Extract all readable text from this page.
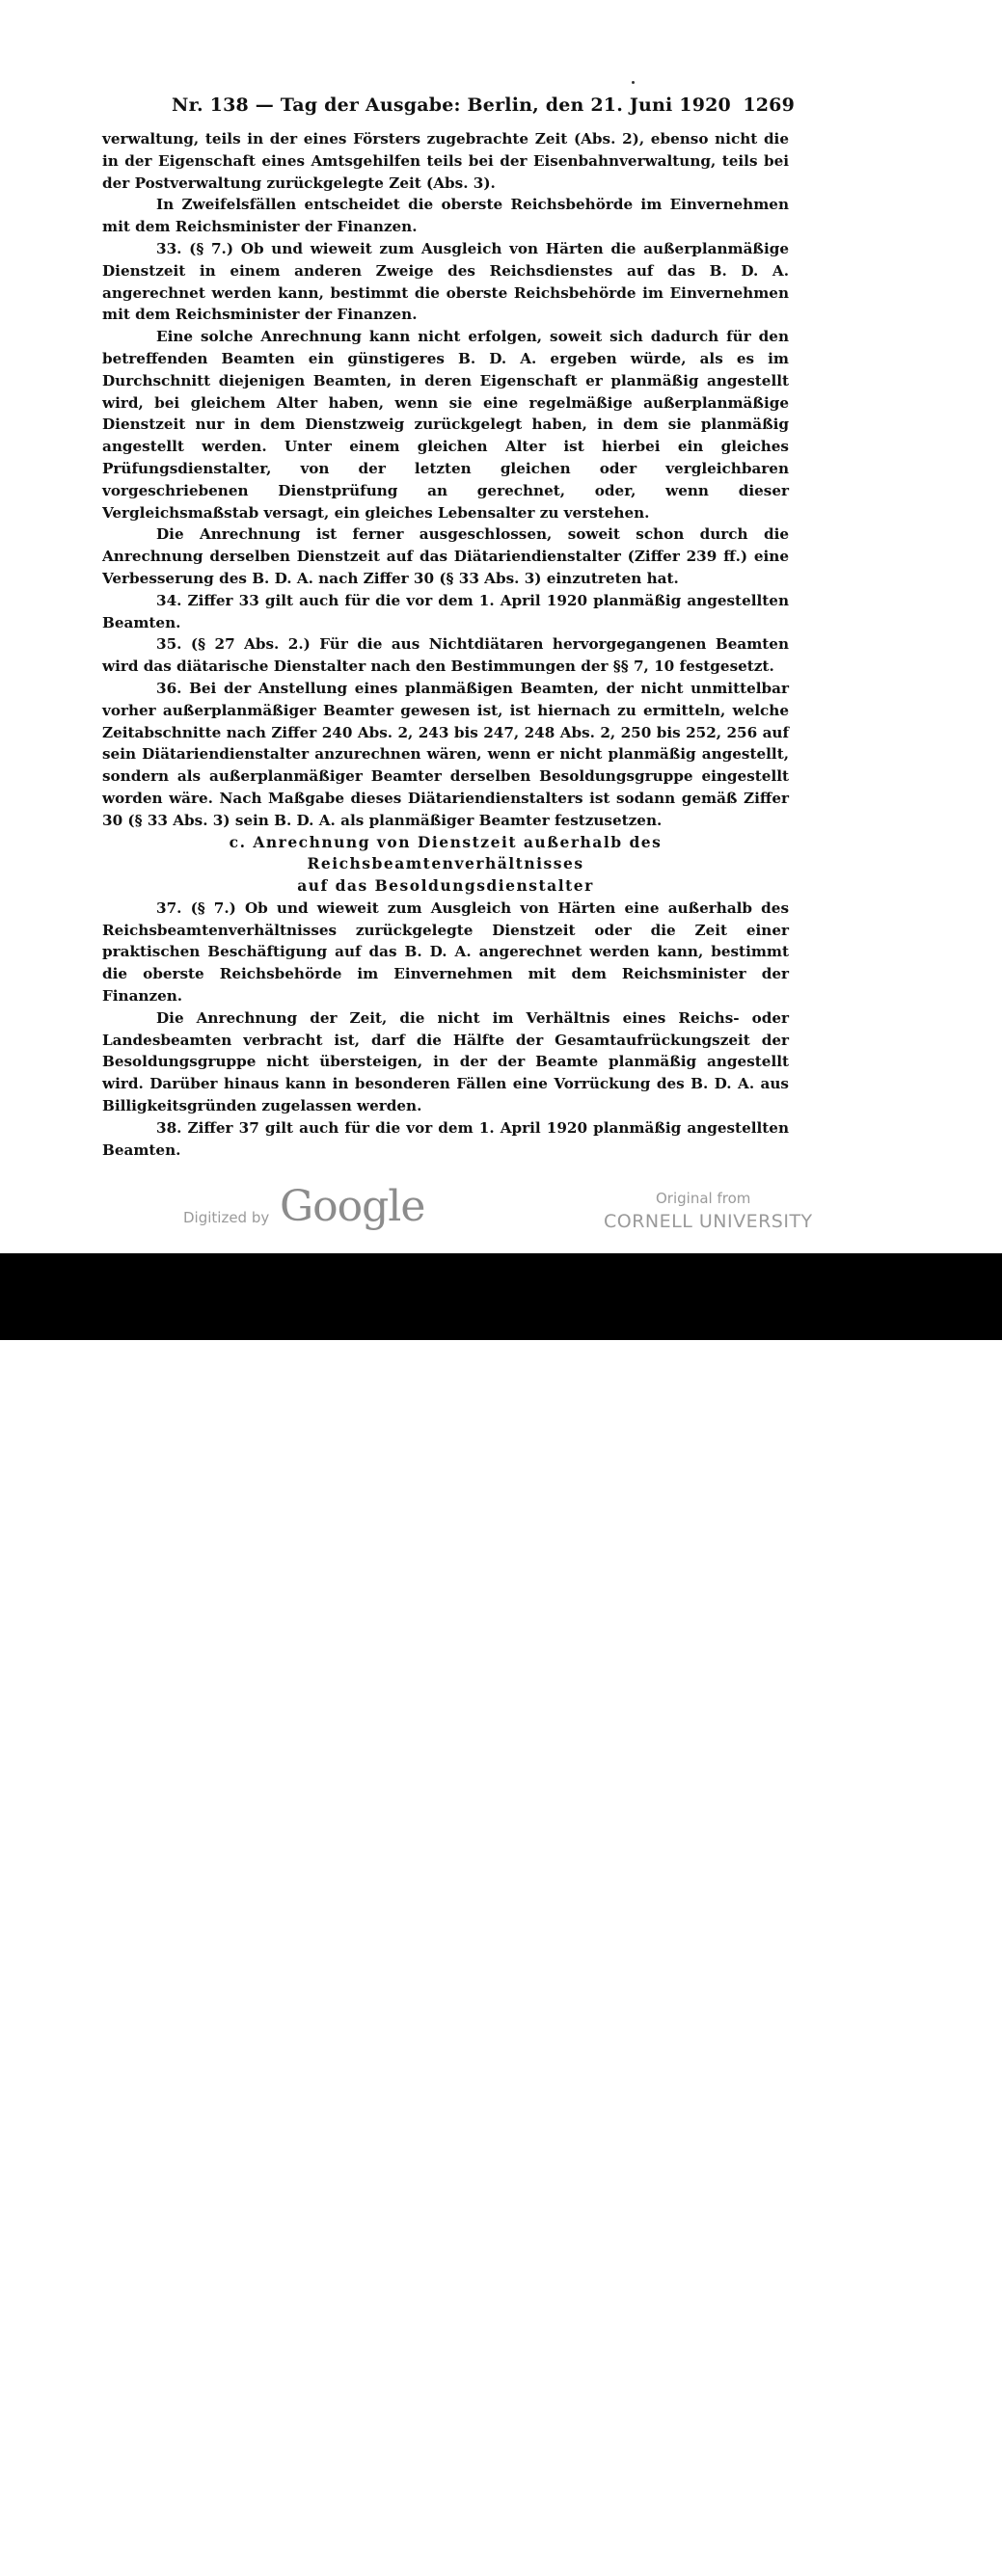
Nr. 138 — Tag der Ausgabe: Berlin, den 21. Juni 1920 1269

verwaltung, teils in der eines Försters zugebrachte Zeit (Abs. 2), ebenso nicht die in der Eigenschaft eines Amtsgehilfen teils bei der Eisenbahnverwaltung, teils bei der Postverwaltung zurückgelegte Zeit (Abs. 3).

In Zweifelsfällen entscheidet die oberste Reichsbehörde im Einvernehmen mit dem Reichsminister der Finanzen.

33. (§ 7.) Ob und wieweit zum Ausgleich von Härten die außerplanmäßige Dienstzeit in einem anderen Zweige des Reichsdienstes auf das B. D. A. angerechnet werden kann, bestimmt die oberste Reichsbehörde im Einvernehmen mit dem Reichsminister der Finanzen.

Eine solche Anrechnung kann nicht erfolgen, soweit sich dadurch für den betreffenden Beamten ein günstigeres B. D. A. ergeben würde, als es im Durchschnitt diejenigen Beamten, in deren Eigenschaft er planmäßig angestellt wird, bei gleichem Alter haben, wenn sie eine regelmäßige außerplanmäßige Dienstzeit nur in dem Dienstzweig zurückgelegt haben, in dem sie planmäßig angestellt werden. Unter einem gleichen Alter ist hierbei ein gleiches Prüfungsdienstalter, von der letzten gleichen oder vergleichbaren vorgeschriebenen Dienstprüfung an gerechnet, oder, wenn dieser Vergleichsmaßstab versagt, ein gleiches Lebensalter zu verstehen.

Die Anrechnung ist ferner ausgeschlossen, soweit schon durch die Anrechnung derselben Dienstzeit auf das Diätariendienstalter (Ziffer 239 ff.) eine Verbesserung des B. D. A. nach Ziffer 30 (§ 33 Abs. 3) einzutreten hat.

34. Ziffer 33 gilt auch für die vor dem 1. April 1920 planmäßig angestellten Beamten.

35. (§ 27 Abs. 2.) Für die aus Nichtdiätaren hervorgegangenen Beamten wird das diätarische Dienstalter nach den Bestimmungen der §§ 7, 10 festgesetzt.

36. Bei der Anstellung eines planmäßigen Beamten, der nicht unmittelbar vorher außerplanmäßiger Beamter gewesen ist, ist hiernach zu ermitteln, welche Zeitabschnitte nach Ziffer 240 Abs. 2, 243 bis 247, 248 Abs. 2, 250 bis 252, 256 auf sein Diätariendienstalter anzurechnen wären, wenn er nicht planmäßig angestellt, sondern als außerplanmäßiger Beamter derselben Besoldungsgruppe eingestellt worden wäre. Nach Maßgabe dieses Diätariendienstalters ist sodann gemäß Ziffer 30 (§ 33 Abs. 3) sein B. D. A. als planmäßiger Beamter festzusetzen.

c. Anrechnung von Dienstzeit außerhalb des Reichsbeamtenverhältnisses
auf das Besoldungsdienstalter

37. (§ 7.) Ob und wieweit zum Ausgleich von Härten eine außerhalb des Reichsbeamtenverhältnisses zurückgelegte Dienstzeit oder die Zeit einer praktischen Beschäftigung auf das B. D. A. angerechnet werden kann, bestimmt die oberste Reichsbehörde im Einvernehmen mit dem Reichsminister der Finanzen.

Die Anrechnung der Zeit, die nicht im Verhältnis eines Reichs- oder Landesbeamten verbracht ist, darf die Hälfte der Gesamtaufrückungszeit der Besoldungsgruppe nicht übersteigen, in der der Beamte planmäßig angestellt wird. Darüber hinaus kann in besonderen Fällen eine Vorrückung des B. D. A. aus Billigkeitsgründen zugelassen werden.

38. Ziffer 37 gilt auch für die vor dem 1. April 1920 planmäßig angestellten Beamten.

Digitized by Google	Original from
CORNELL UNIVERSITY
alamy	P9XHM0
www.alamy.com
